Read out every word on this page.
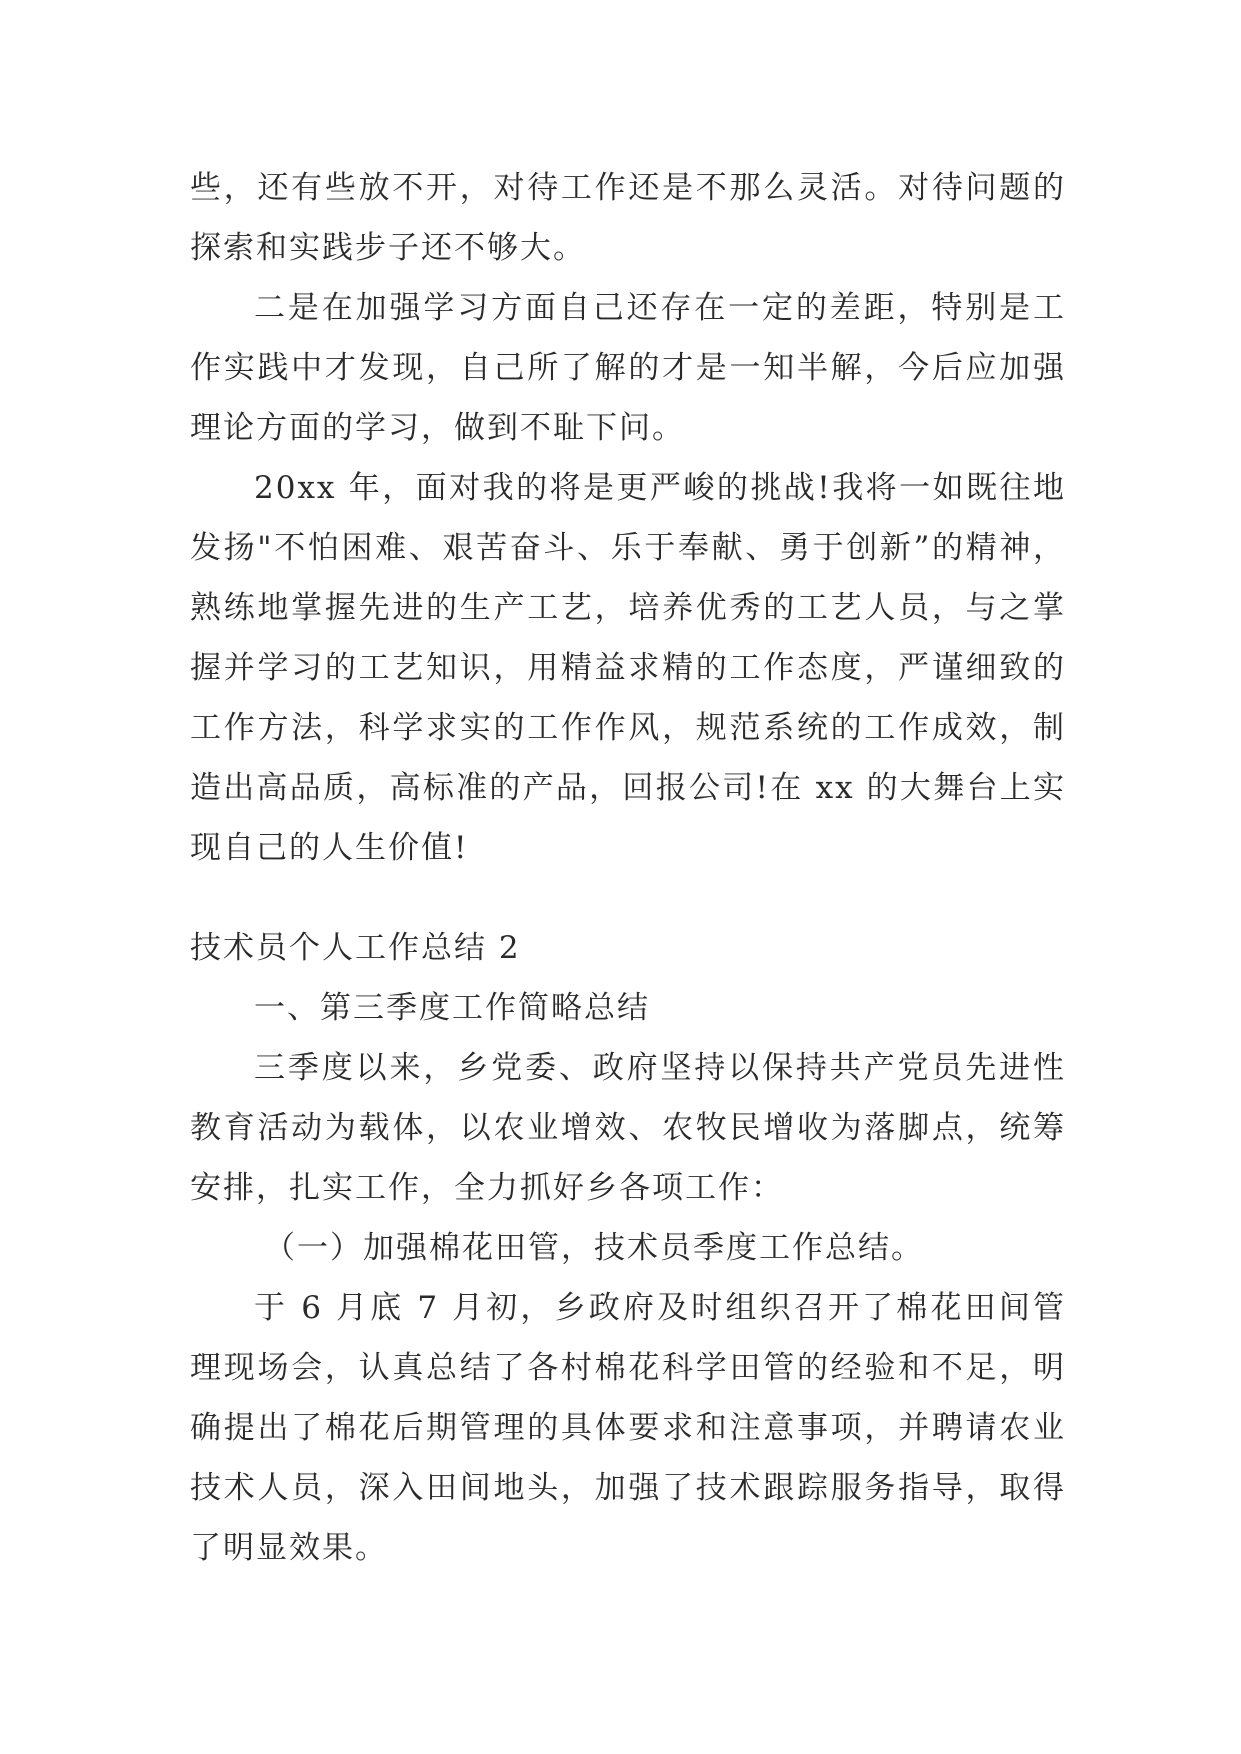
些，还有些放不开，对待工作还是不那么灵活。对待问题的探索和实践步子还不够大。

二是在加强学习方面自己还存在一定的差距，特别是工作实践中才发现，自己所了解的才是一知半解，今后应加强理论方面的学习，做到不耻下问。

20xx 年，面对我的将是更严峻的挑战!我将一如既往地发扬"不怕困难、艰苦奋斗、乐于奉献、勇于创新”的精神，熟练地掌握先进的生产工艺，培养优秀的工艺人员，与之掌握并学习的工艺知识，用精益求精的工作态度，严谨细致的工作方法，科学求实的工作作风，规范系统的工作成效，制造出高品质，高标准的产品，回报公司!在 xx 的大舞台上实现自己的人生价值!

技术员个人工作总结 2

一、第三季度工作简略总结

三季度以来，乡党委、政府坚持以保持共产党员先进性教育活动为载体，以农业增效、农牧民增收为落脚点，统筹安排，扎实工作，全力抓好乡各项工作：

（一）加强棉花田管，技术员季度工作总结。

于 6 月底 7 月初，乡政府及时组织召开了棉花田间管理现场会，认真总结了各村棉花科学田管的经验和不足，明确提出了棉花后期管理的具体要求和注意事项，并聘请农业技术人员，深入田间地头，加强了技术跟踪服务指导，取得了明显效果。
